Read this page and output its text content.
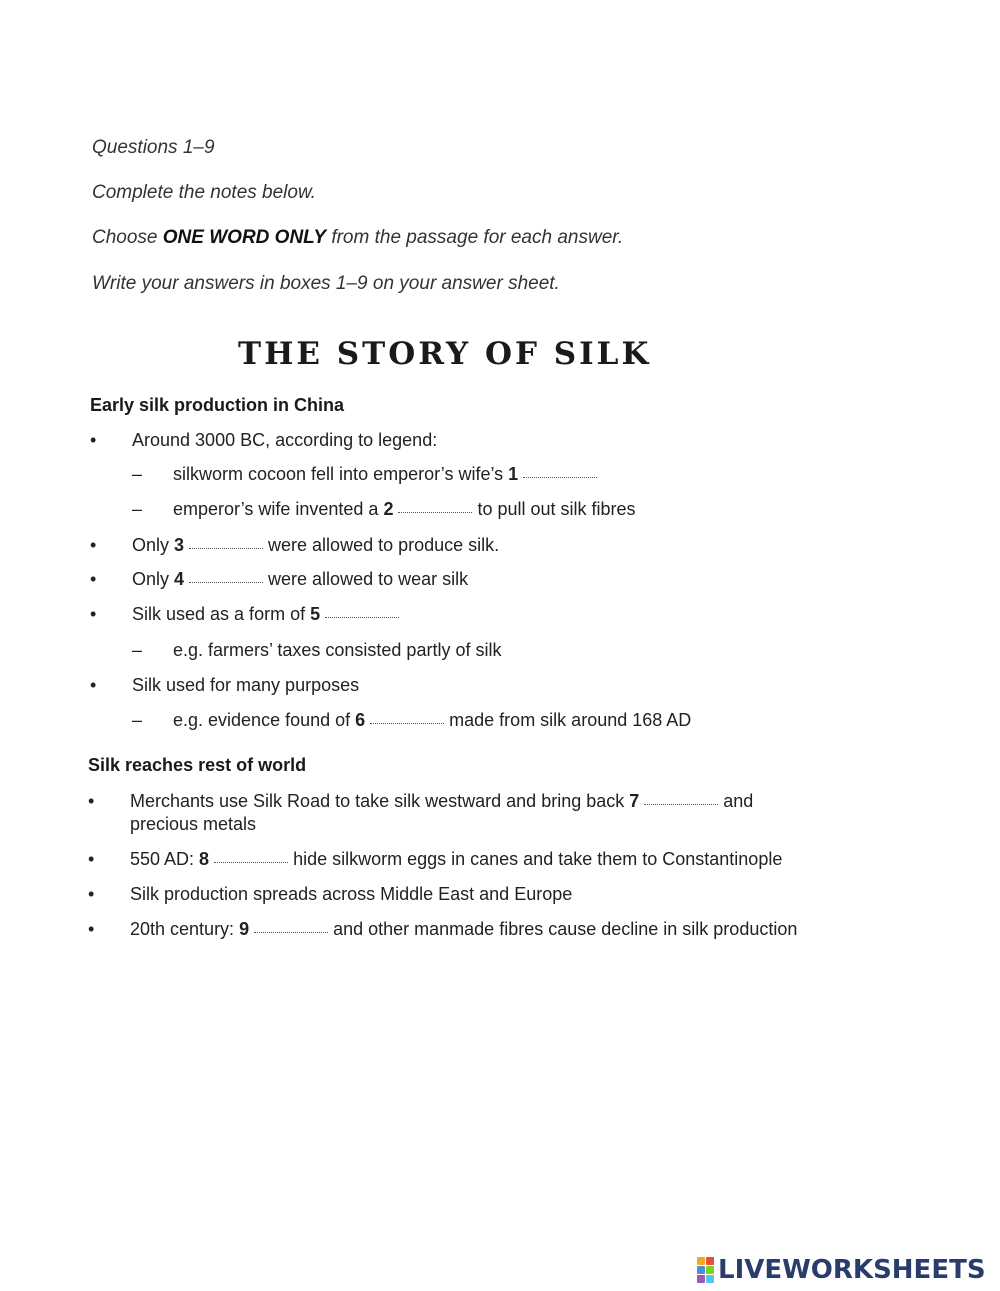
Questions 1–9
Complete the notes below.
Choose ONE WORD ONLY from the passage for each answer.
Write your answers in boxes 1–9 on your answer sheet.
THE STORY OF SILK
Early silk production in China
• Around 3000 BC, according to legend:
– silkworm cocoon fell into emperor’s wife’s 1
– emperor’s wife invented a 2	to pull out silk fibres
• Only 3	were allowed to produce silk.
• Only 4	were allowed to wear silk
• Silk used as a form of 5
– e.g. farmers’ taxes consisted partly of silk
• Silk used for many purposes
– e.g. evidence found of 6	made from silk around 168 AD
Silk reaches rest of world
• Merchants use Silk Road to take silk westward and bring back 7	and
precious metals
• 550 AD: 8	hide silkworm eggs in canes and take them to Constantinople
• Silk production spreads across Middle East and Europe
• 20th century: 9	and other manmade fibres cause decline in silk production
LIVEWORKSHEETS
